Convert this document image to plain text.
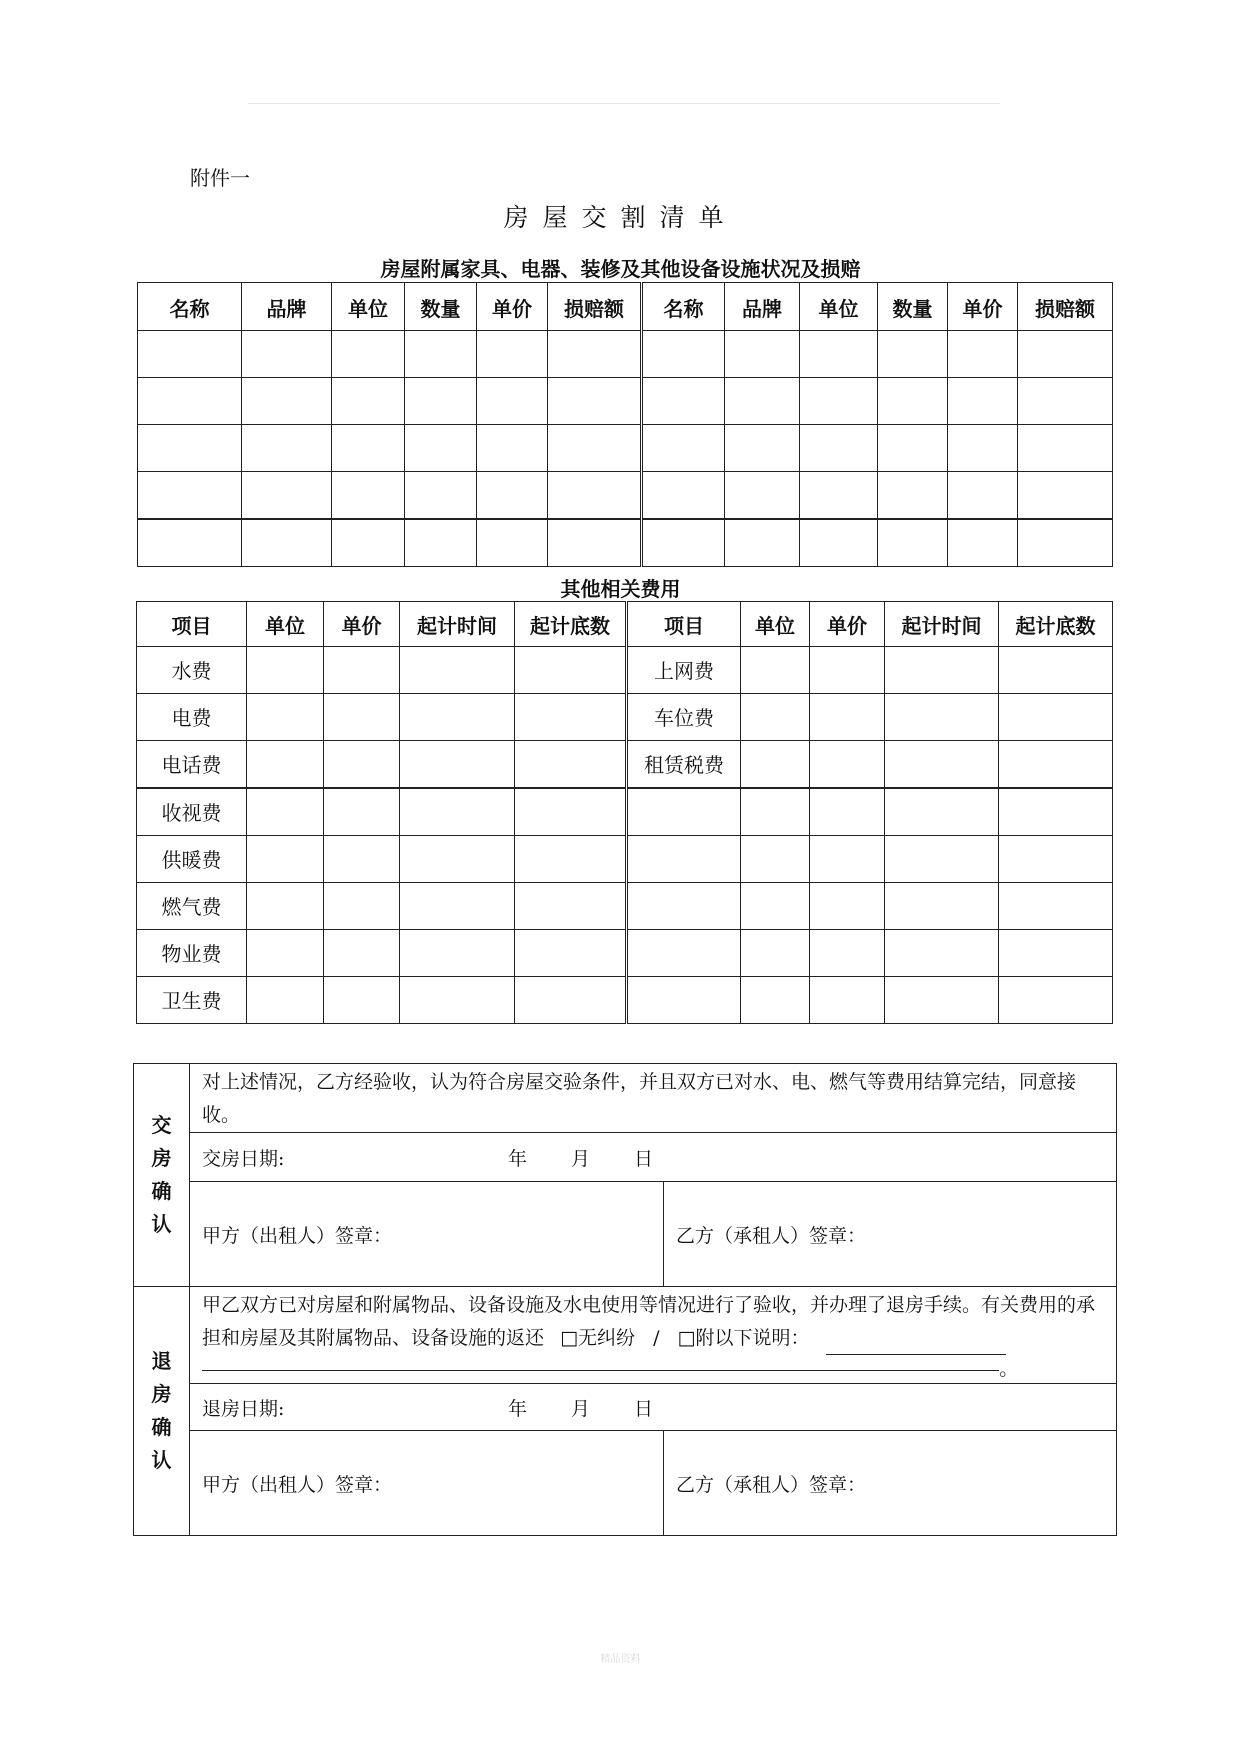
附件一
房屋交割清单
房屋附属家具、电器、装修及其他设备设施状况及损赔
名称	品牌	单位	数量	单价	损赔额	名称	品牌	单位	数量	单价	损赔额

其他相关费用
项目	单位	单价	起计时间	起计底数	项目	单位	单价	起计时间	起计底数
水费					上网费				
电费					车位费				
电话费					租赁税费				
收视费									
供暖费									
燃气费									
物业费									
卫生费									
交房确认	对上述情况，乙方经验收，认为符合房屋交验条件，并且双方已对水、电、燃气等费用结算完结，同意接收。	
	交房日期: 年 月 日	
	甲方（出租人）签章：	乙方（承租人）签章：

退房确认	甲乙双方已对房屋和附属物品、设备设施及水电使用等情况进行了验收，并办理了退房手续。有关费用的承担和房屋及其附属物品、设备设施的返还 □无纠纷 / □附以下说明：
。	

	退房日期: 年 月 日	
	甲方（出租人）签章：	乙方（承租人）签章：
精品资料
